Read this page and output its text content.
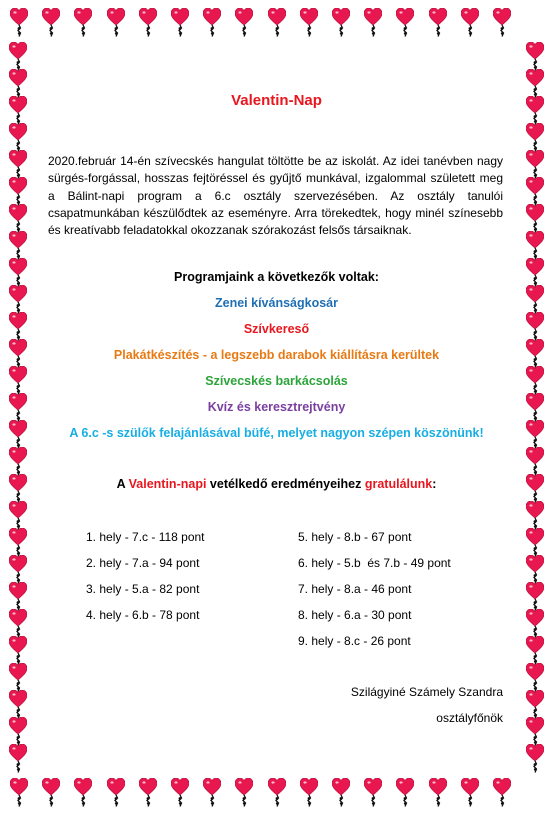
Valentin-Nap
2020.február 14-én szívecskés hangulat töltötte be az iskolát. Az idei tanévben nagy sürgés-forgással, hosszas fejtöréssel és gyűjtő munkával, izgalommal született meg a Bálint-napi program a 6.c osztály szervezésében. Az osztály tanulói csapatmunkában készülődtek az eseményre. Arra törekedtek, hogy minél színesebb és kreatívabb feladatokkal okozzanak szórakozást felsős társaiknak.
Programjaink a következők voltak:
Zenei kívánságkosár
Szívkereső
Plakátkészítés - a legszebb darabok kiállításra kerültek
Szívecskés barkácsolás
Kvíz és keresztrejtvény
A 6.c -s szülők felajánlásával büfé, melyet nagyon szépen köszönünk!
A Valentin-napi vetélkedő eredményeihez gratulálunk:
1. hely - 7.c - 118 pont
2. hely - 7.a - 94 pont
3. hely - 5.a - 82 pont
4. hely - 6.b - 78 pont
5. hely - 8.b - 67 pont
6. hely - 5.b  és 7.b - 49 pont
7. hely - 8.a - 46 pont
8. hely - 6.a - 30 pont
9. hely - 8.c - 26 pont
Szilágyiné Számely Szandra
osztályfőnök
